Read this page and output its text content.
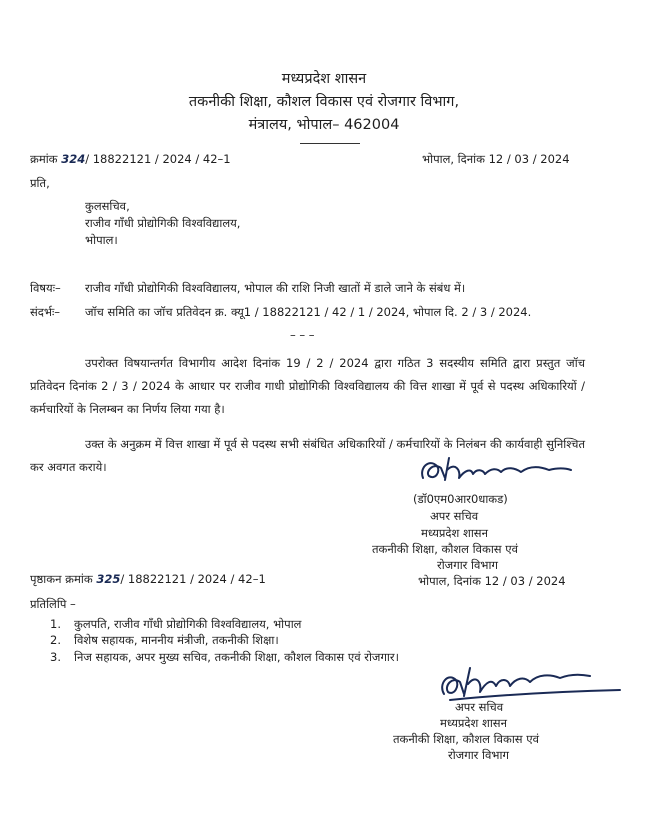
मध्यप्रदेश शासन
तकनीकी शिक्षा, कौशल विकास एवं रोजगार विभाग,
मंत्रालय, भोपाल– 462004
क्रमांक 324/ 18822121 / 2024 / 42–1	भोपाल, दिनांक 12 / 03 / 2024
प्रति,
कुलसचिव,
राजीव गाँधी प्रोद्योगिकी विश्वविद्यालय,
भोपाल।
विषयः– राजीव गाँधी प्रोद्योगिकी विश्वविद्यालय, भोपाल की राशि निजी खातों में डाले जाने के संबंध में।
संदर्भः– जॉच समिति का जॉच प्रतिवेदन क्र. क्यू1 / 18822121 / 42 / 1 / 2024, भोपाल दि. 2 / 3 / 2024.
– – –
उपरोक्त विषयान्तर्गत विभागीय आदेश दिनांक 19 / 2 / 2024 द्वारा गठित 3 सदस्यीय समिति द्वारा प्रस्तुत जॉच प्रतिवेदन दिनांक 2 / 3 / 2024 के आधार पर राजीव गाधी प्रोद्योगिकी विश्वविद्यालय की वित्त शाखा में पूर्व से पदस्थ अधिकारियों / कर्मचारियों के निलम्बन का निर्णय लिया गया है।
उक्त के अनुक्रम में वित्त शाखा में पूर्व से पदस्थ सभी संबंधित अधिकारियों / कर्मचारियों के निलंबन की कार्यवाही सुनिश्चित कर अवगत कराये।
(डॉ0एम0आर0धाकड)
अपर सचिव
मध्यप्रदेश शासन
तकनीकी शिक्षा, कौशल विकास एवं
रोजगार विभाग
पृष्ठाकन क्रमांक 325/ 18822121 / 2024 / 42–1	भोपाल, दिनांक 12 / 03 / 2024
प्रतिलिपि –
1. कुलपति, राजीव गाँधी प्रोद्योगिकी विश्वविद्यालय, भोपाल
2. विशेष सहायक, माननीय मंत्रीजी, तकनीकी शिक्षा।
3. निज सहायक, अपर मुख्य सचिव, तकनीकी शिक्षा, कौशल विकास एवं रोजगार।
अपर सचिव
मध्यप्रदेश शासन
तकनीकी शिक्षा, कौशल विकास एवं
रोजगार विभाग
